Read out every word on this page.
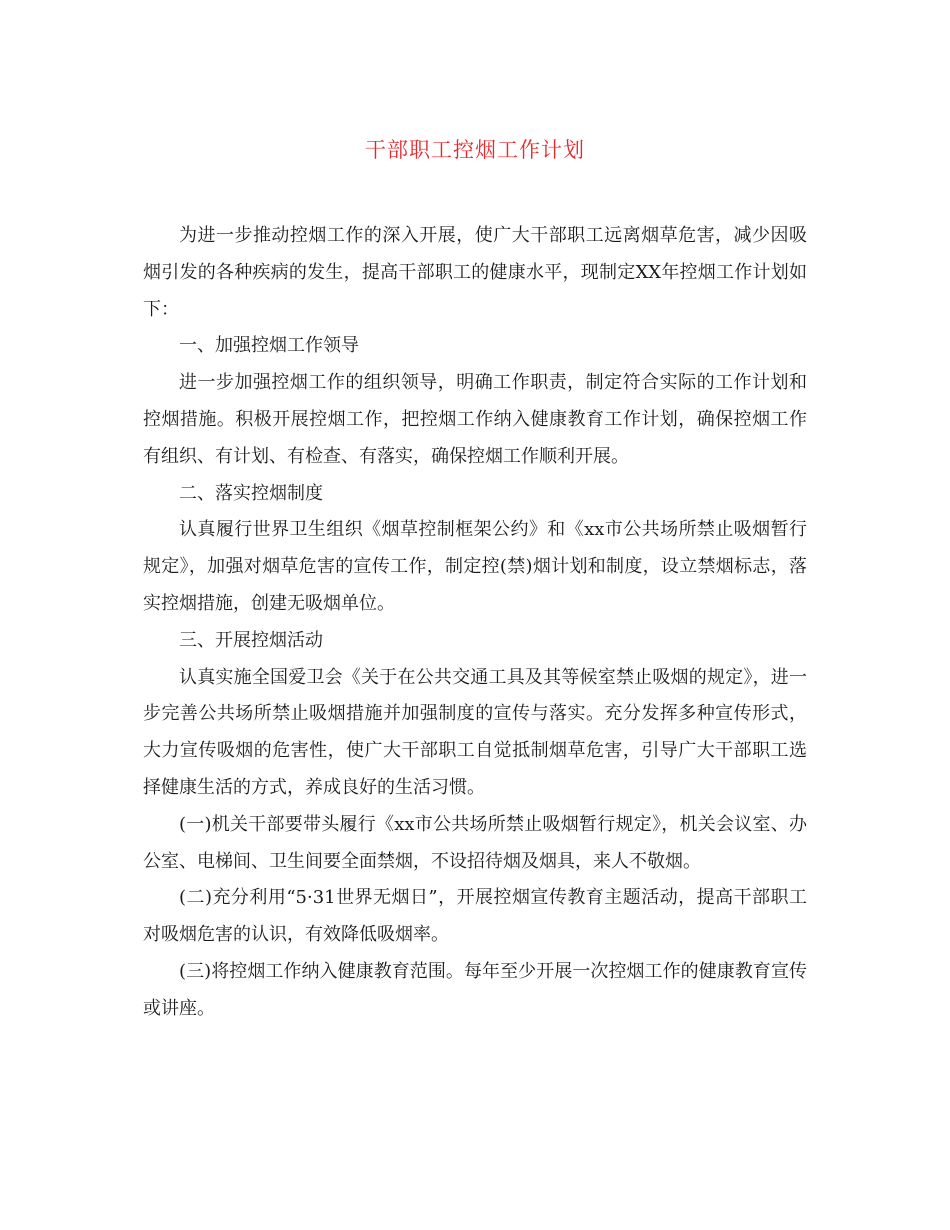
干部职工控烟工作计划

为进一步推动控烟工作的深入开展，使广大干部职工远离烟草危害，减少因吸烟引发的各种疾病的发生，提高干部职工的健康水平，现制定XX年控烟工作计划如下：

一、加强控烟工作领导

进一步加强控烟工作的组织领导，明确工作职责，制定符合实际的工作计划和控烟措施。积极开展控烟工作，把控烟工作纳入健康教育工作计划，确保控烟工作有组织、有计划、有检查、有落实，确保控烟工作顺利开展。

二、落实控烟制度

认真履行世界卫生组织《烟草控制框架公约》和《xx市公共场所禁止吸烟暂行规定》，加强对烟草危害的宣传工作，制定控(禁)烟计划和制度，设立禁烟标志，落实控烟措施，创建无吸烟单位。

三、开展控烟活动

认真实施全国爱卫会《关于在公共交通工具及其等候室禁止吸烟的规定》，进一步完善公共场所禁止吸烟措施并加强制度的宣传与落实。充分发挥多种宣传形式，大力宣传吸烟的危害性，使广大干部职工自觉抵制烟草危害，引导广大干部职工选择健康生活的方式，养成良好的生活习惯。

(一)机关干部要带头履行《xx市公共场所禁止吸烟暂行规定》，机关会议室、办公室、电梯间、卫生间要全面禁烟，不设招待烟及烟具，来人不敬烟。

(二)充分利用“5·31世界无烟日”，开展控烟宣传教育主题活动，提高干部职工对吸烟危害的认识，有效降低吸烟率。

(三)将控烟工作纳入健康教育范围。每年至少开展一次控烟工作的健康教育宣传或讲座。
